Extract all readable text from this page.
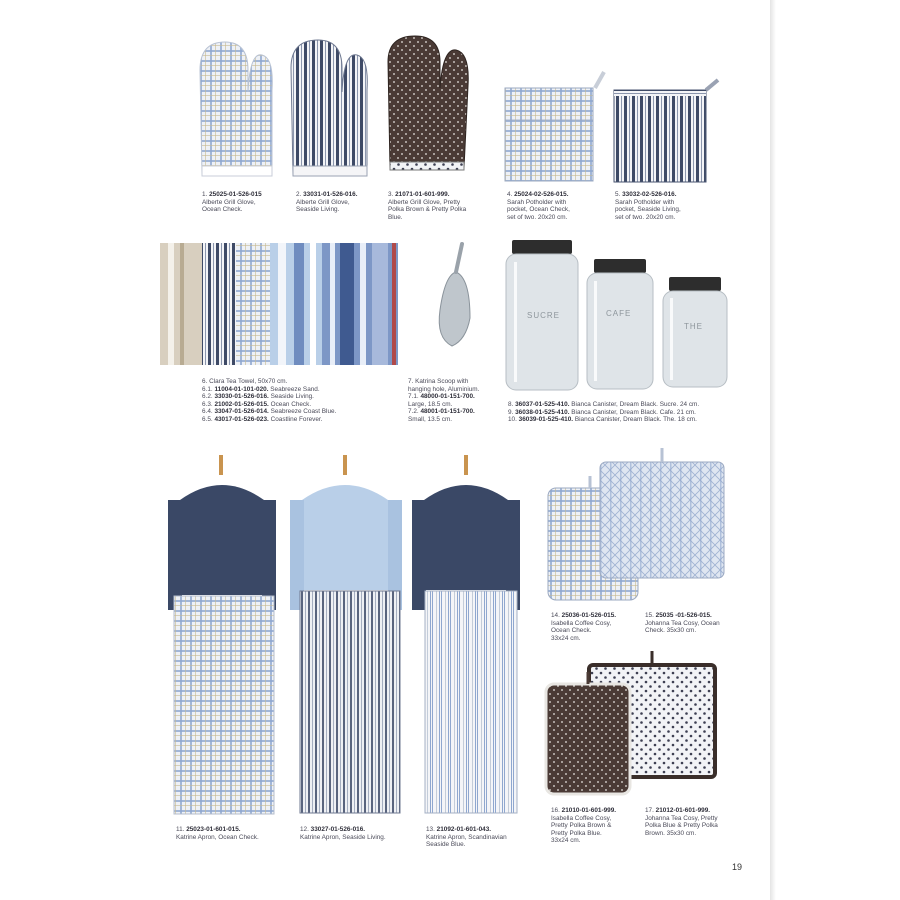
SUCRE	CAFE
THE
1. 25025-01-526-015
Alberte Grill Glove,
Ocean Check.
2. 33031-01-526-016.
Alberte Grill Glove,
Seaside Living.
3. 21071-01-601-999.
Alberte Grill Glove, Pretty
Polka Brown & Pretty Polka
Blue.
4. 25024-02-526-015.
Sarah Potholder with
pocket, Ocean Check,
set of two. 20x20 cm.
5. 33032-02-526-016.
Sarah Potholder with
pocket, Seaside Living,
set of two. 20x20 cm.
6. Clara Tea Towel, 50x70 cm.
6.1. 11004-01-101-020. Seabreeze Sand.
6.2. 33030-01-526-016. Seaside Living.
6.3. 21002-01-526-015. Ocean Check.
6.4. 33047-01-526-014. Seabreeze Coast Blue.
6.5. 43017-01-526-023. Coastline Forever.
7. Katrina Scoop with
hanging hole, Aluminium.
7.1. 48000-01-151-700.
Large, 18.5 cm.
7.2. 48001-01-151-700.
Small, 13.5 cm.
8. 36037-01-525-410. Bianca Canister, Dream Black. Sucre. 24 cm.
9. 36038-01-525-410. Bianca Canister, Dream Black. Cafe. 21 cm.
10. 36039-01-525-410. Bianca Canister, Dream Black. The. 18 cm.
11. 25023-01-601-015.
Katrine Apron, Ocean Check.
12. 33027-01-526-016.
Katrine Apron, Seaside Living.
13. 21092-01-601-043.
Katrine Apron, Scandinavian
Seaside Blue.
14. 25036-01-526-015.
Isabella Coffee Cosy,
Ocean Check.
33x24 cm.
15. 25035 -01-526-015.
Johanna Tea Cosy, Ocean
Check. 35x30 cm.
16. 21010-01-601-999.
Isabella Coffee Cosy,
Pretty Polka Brown &
Pretty Polka Blue.
33x24 cm.
17. 21012-01-601-999.
Johanna Tea Cosy, Pretty
Polka Blue & Pretty Polka
Brown. 35x30 cm.
19
